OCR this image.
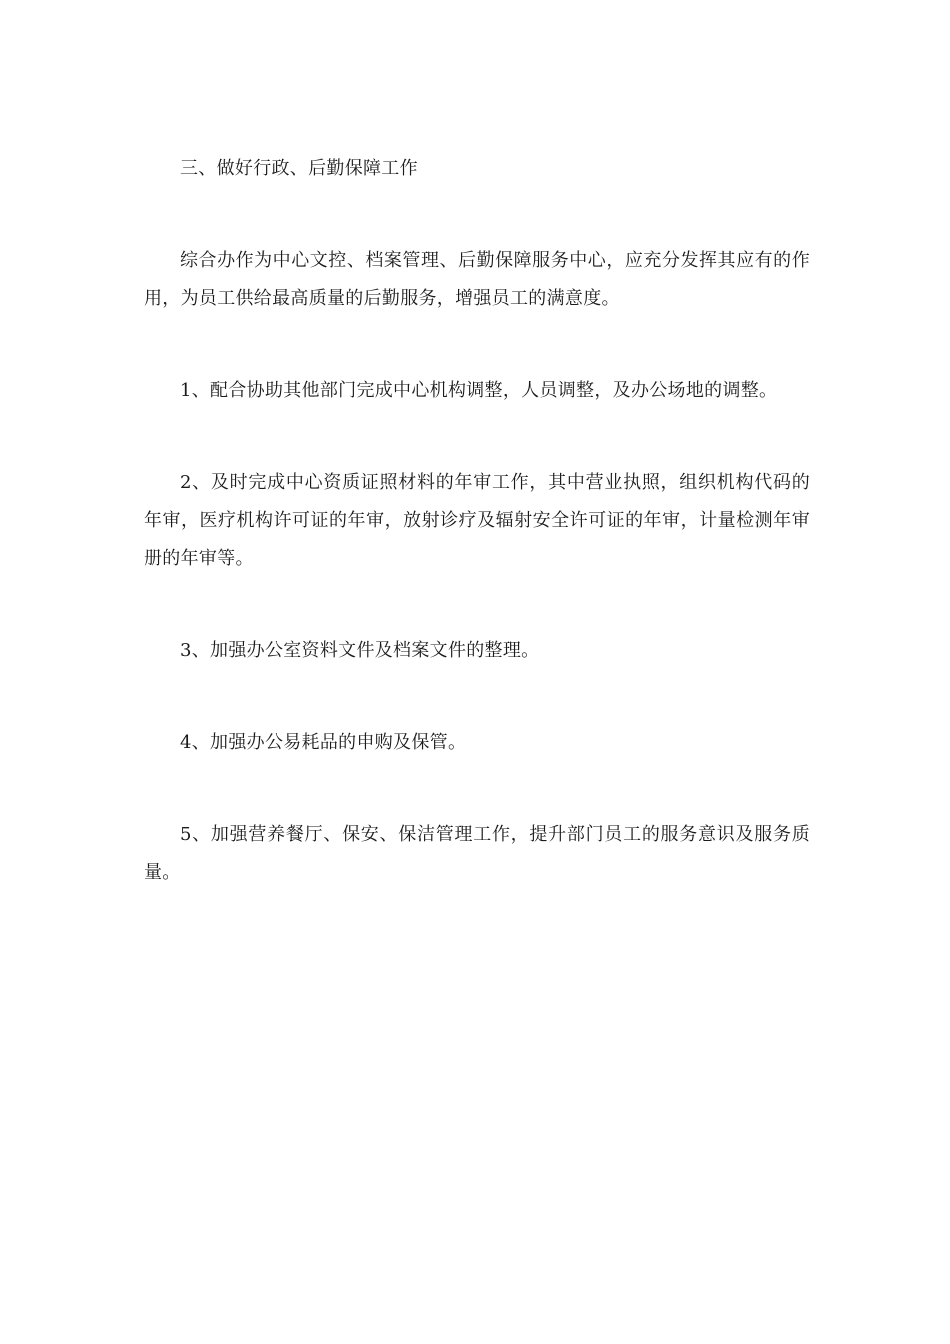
三、做好行政、后勤保障工作

综合办作为中心文控、档案管理、后勤保障服务中心，应充分发挥其应有的作用，为员工供给最高质量的后勤服务，增强员工的满意度。

1、配合协助其他部门完成中心机构调整，人员调整，及办公场地的调整。

2、及时完成中心资质证照材料的年审工作，其中营业执照，组织机构代码的年审，医疗机构许可证的年审，放射诊疗及辐射安全许可证的年审，计量检测年审册的年审等。

3、加强办公室资料文件及档案文件的整理。

4、加强办公易耗品的申购及保管。

5、加强营养餐厅、保安、保洁管理工作，提升部门员工的服务意识及服务质量。
